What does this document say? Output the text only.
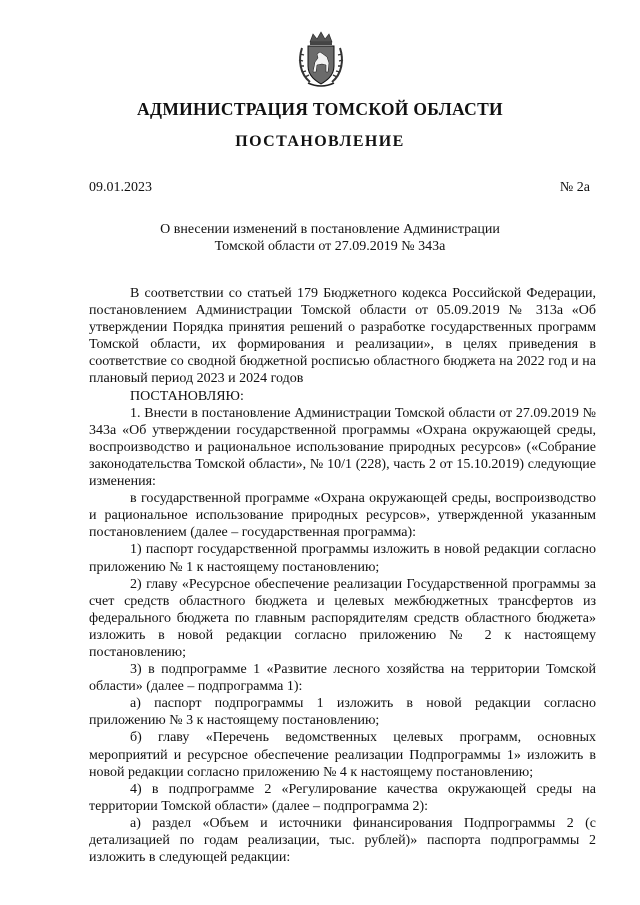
АДМИНИСТРАЦИЯ ТОМСКОЙ ОБЛАСТИ
ПОСТАНОВЛЕНИЕ
09.01.2023	№ 2а
О внесении изменений в постановление Администрации
Томской области от 27.09.2019 № 343а

В соответствии со статьей 179 Бюджетного кодекса Российской Федерации, постановлением Администрации Томской области от 05.09.2019 № 313а «Об утверждении Порядка принятия решений о разработке государственных программ Томской области, их формирования и реализации», в целях приведения в соответствие со сводной бюджетной росписью областного бюджета на 2022 год и на плановый период 2023 и 2024 годов

ПОСТАНОВЛЯЮ:

1. Внести в постановление Администрации Томской области от 27.09.2019 № 343а «Об утверждении государственной программы «Охрана окружающей среды, воспроизводство и рациональное использование природных ресурсов» («Собрание законодательства Томской области», № 10/1 (228), часть 2 от 15.10.2019) следующие изменения:

в государственной программе «Охрана окружающей среды, воспроизводство и рациональное использование природных ресурсов», утвержденной указанным постановлением (далее – государственная программа):

1) паспорт государственной программы изложить в новой редакции согласно приложению № 1 к настоящему постановлению;

2) главу «Ресурсное обеспечение реализации Государственной программы за счет средств областного бюджета и целевых межбюджетных трансфертов из федерального бюджета по главным распорядителям средств областного бюджета» изложить в новой редакции согласно приложению № 2 к настоящему постановлению;

3) в подпрограмме 1 «Развитие лесного хозяйства на территории Томской области» (далее – подпрограмма 1):

а) паспорт подпрограммы 1 изложить в новой редакции согласно приложению № 3 к настоящему постановлению;

б) главу «Перечень ведомственных целевых программ, основных мероприятий и ресурсное обеспечение реализации Подпрограммы 1» изложить в новой редакции согласно приложению № 4 к настоящему постановлению;

4) в подпрограмме 2 «Регулирование качества окружающей среды на территории Томской области» (далее – подпрограмма 2):

а) раздел «Объем и источники финансирования Подпрограммы 2 (с детализацией по годам реализации, тыс. рублей)» паспорта подпрограммы 2 изложить в следующей редакции:
